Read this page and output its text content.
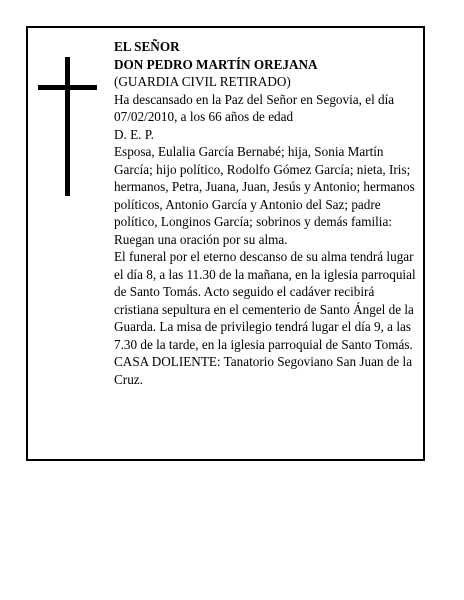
EL SEÑOR

DON PEDRO MARTÍN OREJANA

(GUARDIA CIVIL RETIRADO)

Ha descansado en la Paz del Señor en Segovia, el día 07/02/2010, a los 66 años de edad

D. E. P.

Esposa, Eulalia García Bernabé; hija, Sonia Martín García; hijo político, Rodolfo Gómez García; nieta, Iris; hermanos, Petra, Juana, Juan, Jesús y Antonio; hermanos políticos, Antonio García y Antonio del Saz; padre político, Longinos García; sobrinos y demás familia:

Ruegan una oración por su alma.

El funeral por el eterno descanso de su alma tendrá lugar el día 8, a las 11.30 de la mañana, en la iglesia parroquial de Santo Tomás. Acto seguido el cadáver recibirá cristiana sepultura en el cementerio de Santo Ángel de la Guarda. La misa de privilegio tendrá lugar el día 9, a las 7.30 de la tarde, en la iglesia parroquial de Santo Tomás.

CASA DOLIENTE: Tanatorio Segoviano San Juan de la Cruz.
